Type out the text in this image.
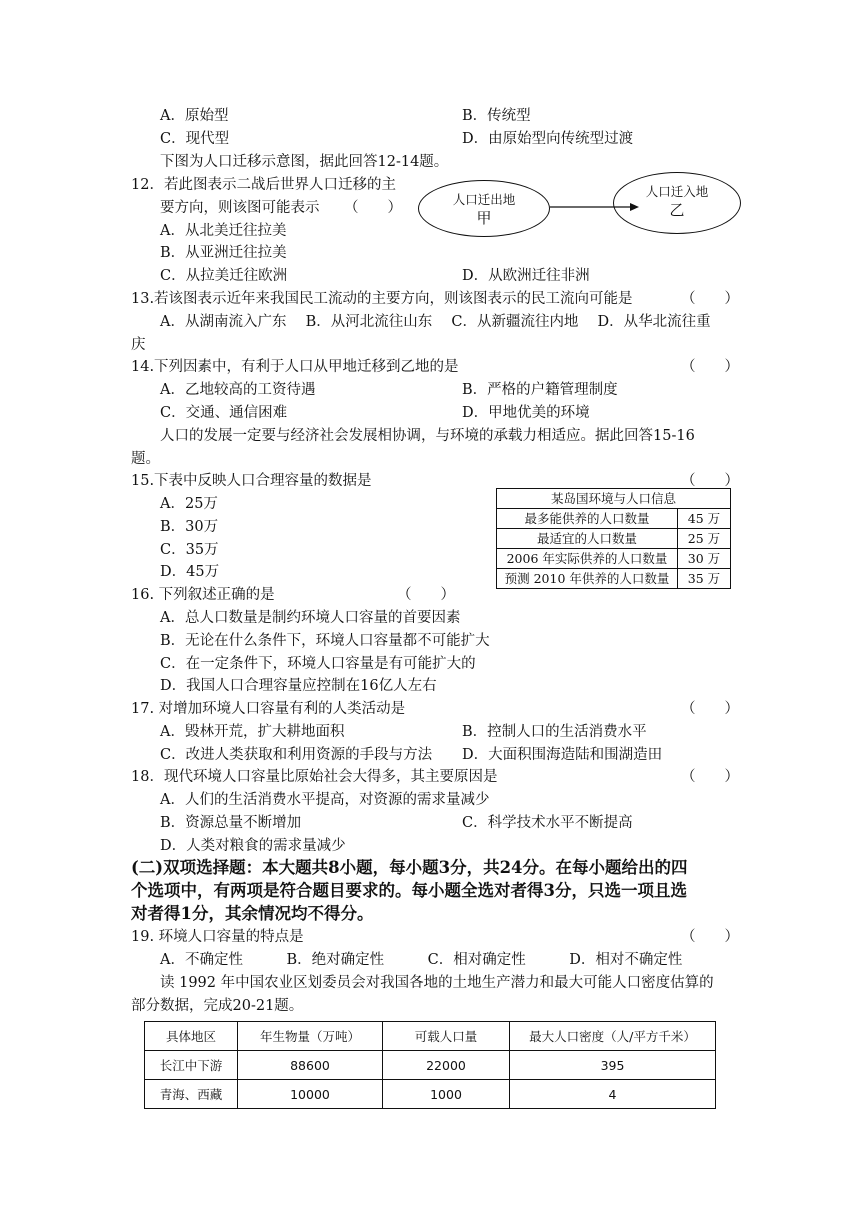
A．原始型	B．传统型
C．现代型	D．由原始型向传统型过渡
下图为人口迁移示意图，据此回答12-14题。
12．若此图表示二战后世界人口迁移的主
要方向，则该图可能表示 （　　）
A．从北美迁往拉美
B．从亚洲迁往拉美
C．从拉美迁往欧洲	D．从欧洲迁往非洲
人口迁出地
甲
人口迁入地
乙
13.若该图表示近年来我国民工流动的主要方向，则该图表示的民工流向可能是	（　　）
A．从湖南流入广东　 B．从河北流往山东　 C．从新疆流往内地　 D．从华北流往重
庆
14.下列因素中，有利于人口从甲地迁移到乙地的是	（　　）
A．乙地较高的工资待遇	B．严格的户籍管理制度
C．交通、通信困难	D．甲地优美的环境
人口的发展一定要与经济社会发展相协调，与环境的承载力相适应。据此回答15-16
题。
15.下表中反映人口合理容量的数据是	（　　）
A．25万
B．30万
C．35万
D．45万
某岛国环境与人口信息	
最多能供养的人口数量	45 万
最适宜的人口数量	25 万
2006 年实际供养的人口数量	30 万
预测 2010 年供养的人口数量	35 万
16. 下列叙述正确的是	（　　）
A．总人口数量是制约环境人口容量的首要因素
B．无论在什么条件下，环境人口容量都不可能扩大
C．在一定条件下，环境人口容量是有可能扩大的
D．我国人口合理容量应控制在16亿人左右
17. 对增加环境人口容量有利的人类活动是	（　　）
A．毁林开荒，扩大耕地面积	B．控制人口的生活消费水平
C．改进人类获取和利用资源的手段与方法 D．大面积围海造陆和围湖造田
18．现代环境人口容量比原始社会大得多，其主要原因是	（　　）
A．人们的生活消费水平提高，对资源的需求量减少
B．资源总量不断增加	C．科学技术水平不断提高
D．人类对粮食的需求量减少
(二)双项选择题：本大题共8小题，每小题3分，共24分。在每小题给出的四
个选项中，有两项是符合题目要求的。每小题全选对者得3分，只选一项且选
对者得1分，其余情况均不得分。
19. 环境人口容量的特点是	（　　）
A．不确定性　　　B．绝对确定性　　　C．相对确定性　　　D．相对不确定性
读 1992 年中国农业区划委员会对我国各地的土地生产潜力和最大可能人口密度估算的
部分数据，完成20-21题。
具体地区	年生物量（万吨）	可载人口量	最大人口密度（人/平方千米）
长江中下游	88600	22000	395
青海、西藏	10000	1000	4
